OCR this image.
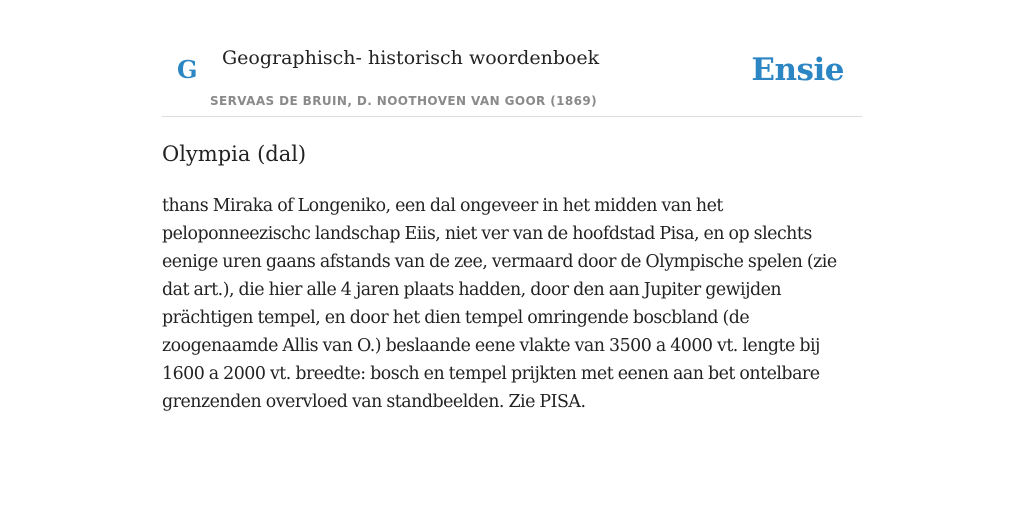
G Geographisch- historisch woordenboek
SERVAAS DE BRUIN, D. NOOTHOVEN VAN GOOR (1869)
Ensie
Olympia (dal)

thans Miraka of Longeniko, een dal ongeveer in het midden van het peloponneezischc landschap Eiis, niet ver van de hoofdstad Pisa, en op slechts eenige uren gaans afstands van de zee, vermaard door de Olympische spelen (zie dat art.), die hier alle 4 jaren plaats hadden, door den aan Jupiter gewijden prächtigen tempel, en door het dien tempel omringende boscbland (de zoogenaamde Allis van O.) beslaande eene vlakte van 3500 a 4000 vt. lengte bij 1600 a 2000 vt. breedte: bosch en tempel prijkten met eenen aan bet ontelbare grenzenden overvloed van standbeelden. Zie PISA.
